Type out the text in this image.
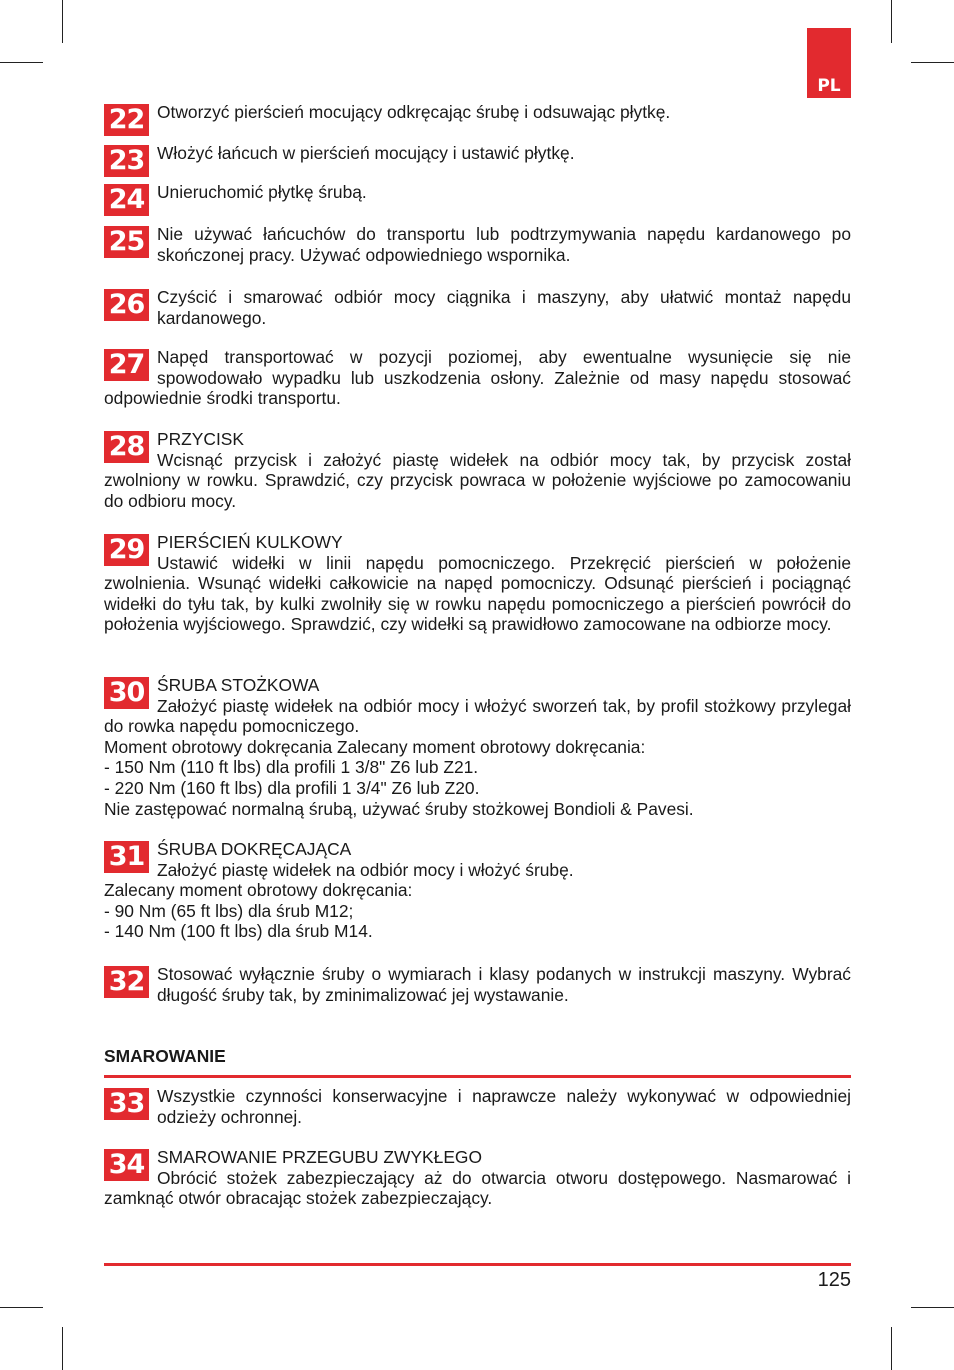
PL
22 Otworzyć pierścień mocujący odkręcając śrubę i odsuwając płytkę.
23 Włożyć łańcuch w pierścień mocujący i ustawić płytkę.
24 Unieruchomić płytkę śrubą.
25 Nie używać łańcuchów do transportu lub podtrzymywania napędu kardanowego po skończonej pracy. Używać odpowiedniego wspornika.
26 Czyścić i smarować odbiór mocy ciągnika i maszyny, aby ułatwić montaż napędu kardanowego.
27 Napęd transportować w pozycji poziomej, aby ewentualne wysunięcie się nie spowodowało wypadku lub uszkodzenia osłony. Zależnie od masy napędu stosować odpowiednie środki transportu.
28 PRZYCISK
Wcisnąć przycisk i założyć piastę widełek na odbiór mocy tak, by przycisk został zwolniony w rowku. Sprawdzić, czy przycisk powraca w położenie wyjściowe po zamocowaniu do odbioru mocy.
29 PIERŚCIEŃ KULKOWY
Ustawić widełki w linii napędu pomocniczego. Przekręcić pierścień w położenie zwolnienia. Wsunąć widełki całkowicie na napęd pomocniczy. Odsunąć pierścień i pociągnąć widełki do tyłu tak, by kulki zwolniły się w rowku napędu pomocniczego a pierścień powrócił do położenia wyjściowego. Sprawdzić, czy widełki są prawidłowo zamocowane na odbiorze mocy.
30 ŚRUBA STOŻKOWA
Założyć piastę widełek na odbiór mocy i włożyć sworzeń tak, by profil stożkowy przylegał do rowka napędu pomocniczego.
Moment obrotowy dokręcania Zalecany moment obrotowy dokręcania:
- 150 Nm (110 ft lbs) dla profili 1 3/8" Z6 lub Z21.
- 220 Nm (160 ft lbs) dla profili 1 3/4" Z6 lub Z20.
Nie zastępować normalną śrubą, używać śruby stożkowej Bondioli & Pavesi.
31 ŚRUBA DOKRĘCAJĄCA
Założyć piastę widełek na odbiór mocy i włożyć śrubę.
Zalecany moment obrotowy dokręcania:
- 90 Nm (65 ft lbs) dla śrub M12;
- 140 Nm (100 ft lbs) dla śrub M14.
32 Stosować wyłącznie śruby o wymiarach i klasy podanych w instrukcji maszyny. Wybrać długość śruby tak, by zminimalizować jej wystawanie.
33 Wszystkie czynności konserwacyjne i naprawcze należy wykonywać w odpowiedniej odzieży ochronnej.
34 SMAROWANIE PRZEGUBU ZWYKŁEGO
Obrócić stożek zabezpieczający aż do otwarcia otworu dostępowego. Nasmarować i zamknąć otwór obracając stożek zabezpieczający.
SMAROWANIE
125
